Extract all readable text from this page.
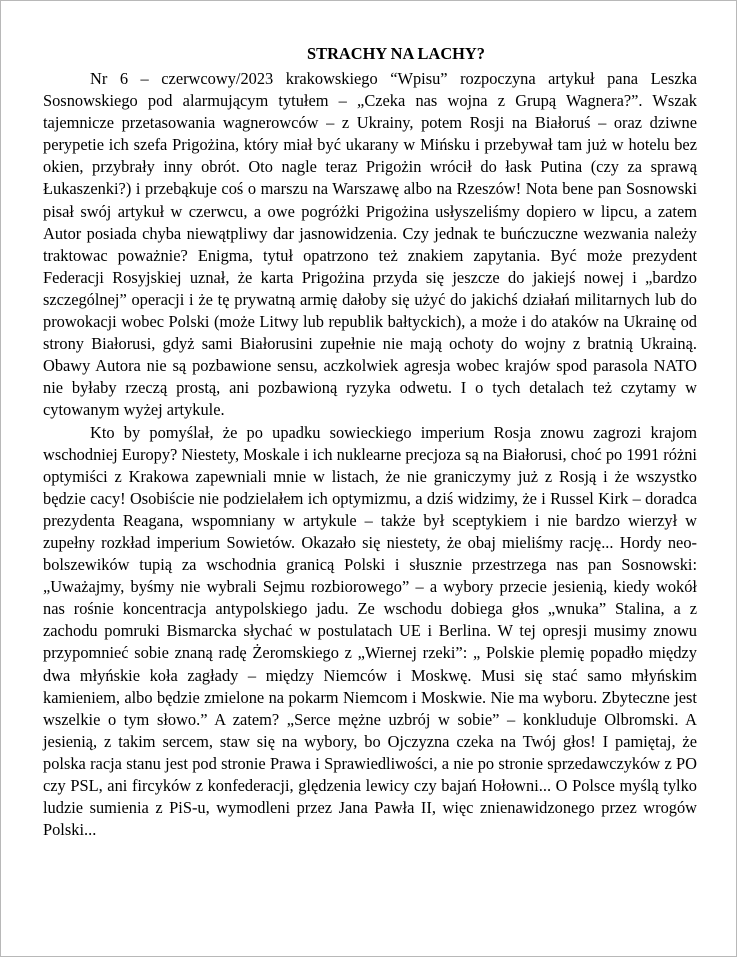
STRACHY NA LACHY?

Nr 6 – czerwcowy/2023 krakowskiego “Wpisu” rozpoczyna artykuł pana Leszka Sosnowskiego pod alarmującym tytułem – „Czeka nas wojna z Grupą Wagnera?”. Wszak tajemnicze przetasowania wagnerowców – z Ukrainy, potem Rosji na Białoruś – oraz dziwne perypetie ich szefa Prigożina, który miał być ukarany w Mińsku i przebywał tam już w hotelu bez okien, przybrały inny obrót. Oto nagle teraz Prigożin wrócił do łask Putina (czy za sprawą Łukaszenki?) i przebąkuje coś o marszu na Warszawę albo na Rzeszów! Nota bene pan Sosnowski pisał swój artykuł w czerwcu, a owe pogróżki Prigożina usłyszeliśmy dopiero w lipcu, a zatem Autor posiada chyba niewątpliwy dar jasnowidzenia. Czy jednak te buńczuczne wezwania należy traktowac poważnie? Enigma, tytuł opatrzono też znakiem zapytania. Być może prezydent Federacji Rosyjskiej uznał, że karta Prigożina przyda się jeszcze do jakiejś nowej i „bardzo szczególnej” operacji i że tę prywatną armię dałoby się użyć do jakichś działań militarnych lub do prowokacji wobec Polski (może Litwy lub republik bałtyckich), a może i do ataków na Ukrainę od strony Białorusi, gdyż sami Białorusini zupełnie nie mają ochoty do wojny z bratnią Ukrainą. Obawy Autora nie są pozbawione sensu, aczkolwiek agresja wobec krajów spod parasola NATO nie byłaby rzeczą prostą, ani pozbawioną ryzyka odwetu. I o tych detalach też czytamy w cytowanym wyżej artykule.

Kto by pomyślał, że po upadku sowieckiego imperium Rosja znowu zagrozi krajom wschodniej Europy? Niestety, Moskale i ich nuklearne precjoza są na Białorusi, choć po 1991 różni optymiści z Krakowa zapewniali mnie w listach, że nie graniczymy już z Rosją i że wszystko będzie cacy! Osobiście nie podzielałem ich optymizmu, a dziś widzimy, że i Russel Kirk – doradca prezydenta Reagana, wspomniany w artykule – także był sceptykiem i nie bardzo wierzył w zupełny rozkład imperium Sowietów. Okazało się niestety, że obaj mieliśmy rację... Hordy neo-bolszewików tupią za wschodnia granicą Polski i słusznie przestrzega nas pan Sosnowski: „Uważajmy, byśmy nie wybrali Sejmu rozbiorowego” – a wybory przecie jesienią, kiedy wokół nas rośnie koncentracja antypolskiego jadu. Ze wschodu dobiega głos „wnuka” Stalina, a z zachodu pomruki Bismarcka słychać w postulatach UE i Berlina. W tej opresji musimy znowu przypomnieć sobie znaną radę Żeromskiego z „Wiernej rzeki”: „ Polskie plemię popadło między dwa młyńskie koła zagłady – między Niemców i Moskwę. Musi się stać samo młyńskim kamieniem, albo będzie zmielone na pokarm Niemcom i Moskwie. Nie ma wyboru. Zbyteczne jest wszelkie o tym słowo.” A zatem? „Serce mężne uzbrój w sobie” – konkluduje Olbromski. A jesienią, z takim sercem, staw się na wybory, bo Ojczyzna czeka na Twój głos! I pamiętaj, że polska racja stanu jest pod stronie Prawa i Sprawiedliwości, a nie po stronie sprzedawczyków z PO czy PSL, ani fircyków z konfederacji, ględzenia lewicy czy bajań Hołowni... O Polsce myślą tylko ludzie sumienia z PiS-u, wymodleni przez Jana Pawła II, więc znienawidzonego przez wrogów Polski...
